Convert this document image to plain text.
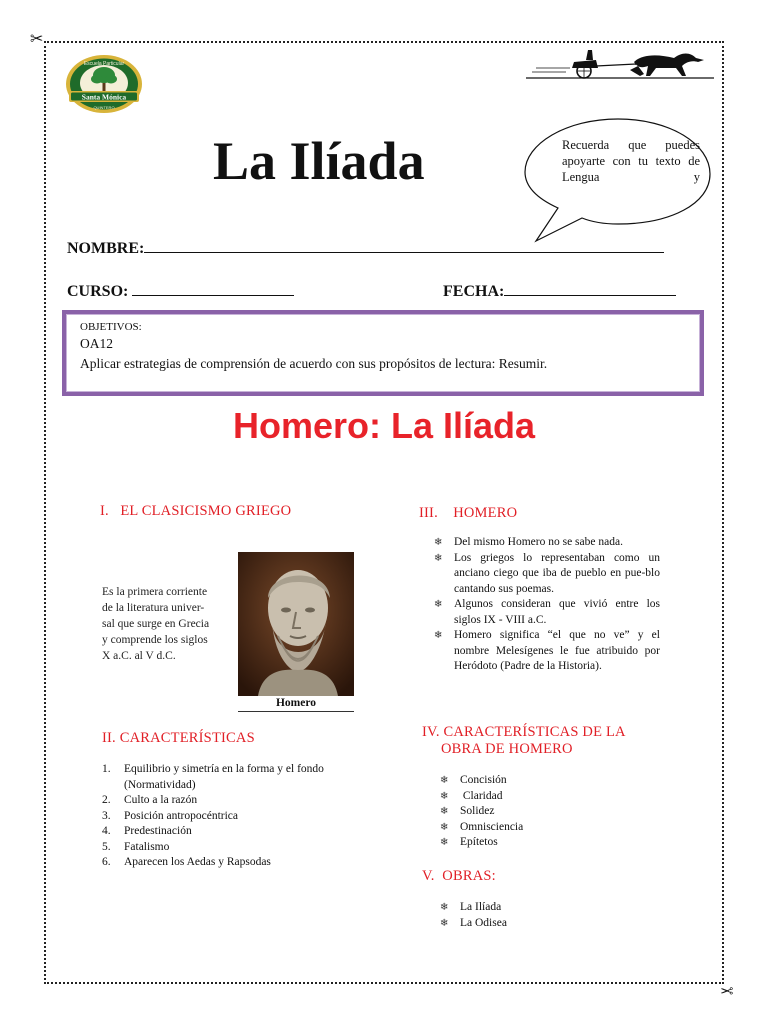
✂
✂
Santa Mónica
Escuela Particular
QUINTERO
La Ilíada	Recuerda que puedes apoyarte con tu texto de Lengua y
NOMBRE:
CURSO:	FECHA:
OBJETIVOS:
OA12
Aplicar estrategias de comprensión de acuerdo con sus propósitos de lectura: Resumir.
Homero: La Ilíada
I.   EL CLASICISMO GRIEGO
Es la primera corriente
de la literatura univer-
sal que surge en Grecia
y comprende los siglos
X a.C. al V d.C.
Homero
II. CARACTERÍSTICAS
1. Equilibrio y simetría en la forma y el fondo (Normatividad)
2. Culto a la razón
3. Posición antropocéntrica
4. Predestinación
5. Fatalismo
6. Aparecen los Aedas y Rapsodas
III.    HOMERO
❄ Del mismo Homero no se sabe nada.
❄ Los griegos lo representaban como un anciano ciego que iba de pueblo en pue-blo cantando sus poemas.
❄ Algunos consideran que vivió entre los siglos IX - VIII a.C.
❄ Homero significa “el que no ve” y el nombre Melesígenes le fue atribuido por Heródoto (Padre de la Historia).
IV. CARACTERÍSTICAS DE LA
OBRA DE HOMERO
❄ Concisión
❄ Claridad
❄ Solidez
❄ Omnisciencia
❄ Epítetos
V.  OBRAS:
❄ La Ilíada
❄ La Odisea
